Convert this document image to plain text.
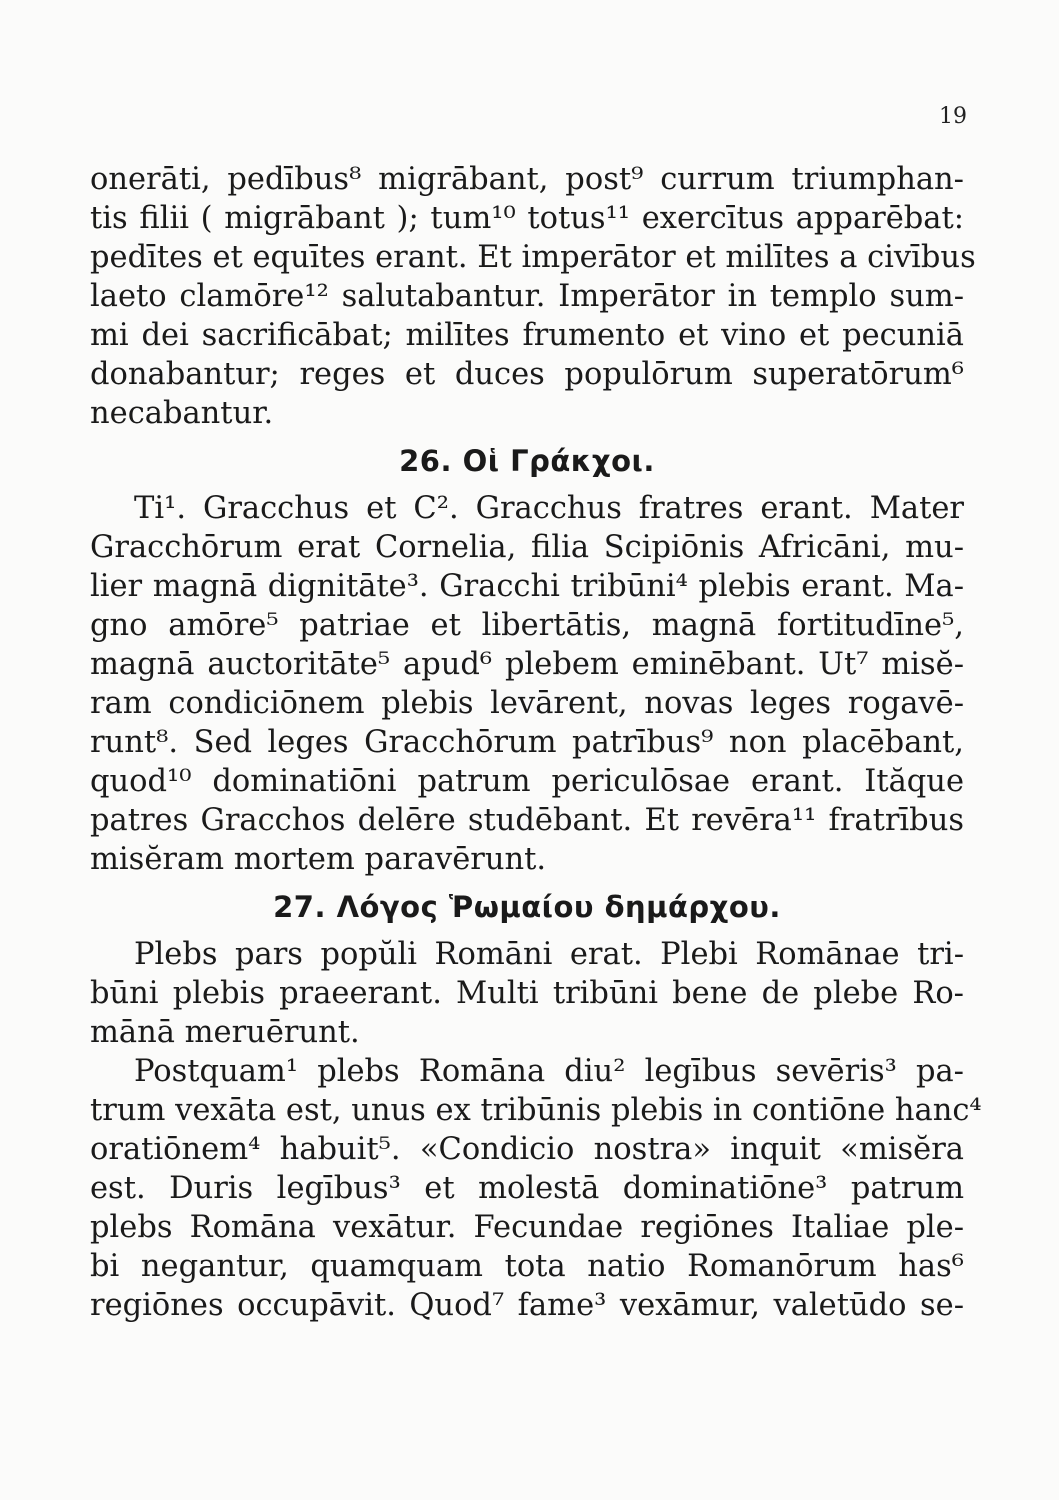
19
onerāti, pedībus⁸ migrābant, post⁹ currum triumphan-
tis filii ( migrābant ); tum¹⁰ totus¹¹ exercītus apparēbat:
pedītes et equītes erant. Et imperātor et milītes a civībus
laeto clamōre¹² salutabantur. Imperātor in templo sum-
mi dei sacrificābat; milītes frumento et vino et pecuniā
donabantur; reges et duces populōrum superatōrum⁶
necabantur.
26. Οἱ Γράκχοι.
Ti¹. Gracchus et C². Gracchus fratres erant. Mater
Gracchōrum erat Cornelia, filia Scipiōnis Africāni, mu-
lier magnā dignitāte³. Gracchi tribūni⁴ plebis erant. Ma-
gno amōre⁵ patriae et libertātis, magnā fortitudīne⁵,
magnā auctoritāte⁵ apud⁶ plebem eminēbant. Ut⁷ misĕ-
ram condiciōnem plebis levārent, novas leges rogavē-
runt⁸. Sed leges Gracchōrum patrībus⁹ non placēbant,
quod¹⁰ dominatiōni patrum periculōsae erant. Ităque
patres Gracchos delēre studēbant. Et revēra¹¹ fratrībus
misĕram mortem paravērunt.
27. Λόγος Ῥωμαίου δημάρχου.
Plebs pars popŭli Romāni erat. Plebi Romānae tri-
būni plebis praeerant. Multi tribūni bene de plebe Ro-
mānā meruērunt.
Postquam¹ plebs Romāna diu² legībus sevēris³ pa-
trum vexāta est, unus ex tribūnis plebis in contiōne hanc⁴
oratiōnem⁴ habuit⁵. «Condicio nostra» inquit «misĕra
est. Duris legībus³ et molestā dominatiōne³ patrum
plebs Romāna vexātur. Fecundae regiōnes Italiae ple-
bi negantur, quamquam tota natio Romanōrum has⁶
regiōnes occupāvit. Quod⁷ fame³ vexāmur, valetūdo se-
